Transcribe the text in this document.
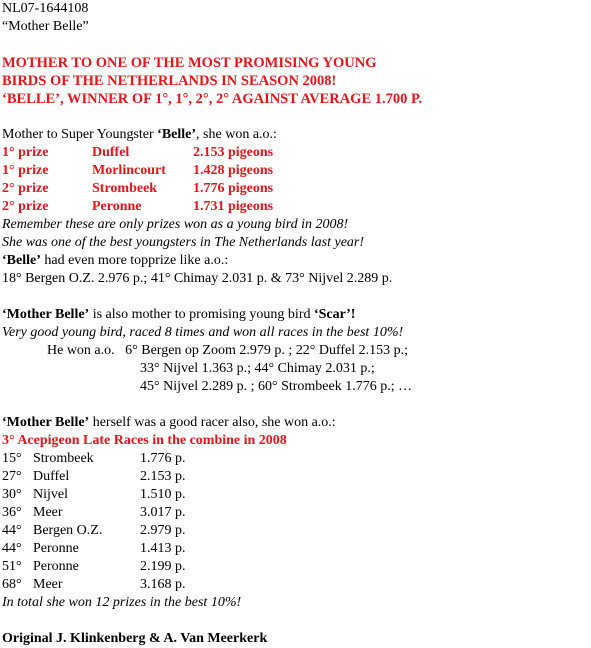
NL07-1644108
“Mother Belle”
MOTHER TO ONE OF THE MOST PROMISING YOUNG
BIRDS OF THE NETHERLANDS IN SEASON 2008!
‘BELLE’, WINNER OF 1°, 1°, 2°, 2° AGAINST AVERAGE 1.700 P.
Mother to Super Youngster ‘Belle’, she won a.o.:
1° prize	Duffel	2.153 pigeons
1° prize	Morlincourt	1.428 pigeons
2° prize	Strombeek	1.776 pigeons
2° prize	Peronne	1.731 pigeons
Remember these are only prizes won as a young bird in 2008!
She was one of the best youngsters in The Netherlands last year!
‘Belle’ had even more topprize like a.o.:
18° Bergen O.Z. 2.976 p.; 41° Chimay 2.031 p. & 73° Nijvel 2.289 p.
‘Mother Belle’ is also mother to promising young bird ‘Scar’!
Very good young bird, raced 8 times and won all races in the best 10%!
He won a.o. 6° Bergen op Zoom 2.979 p. ; 22° Duffel 2.153 p.;
33° Nijvel 1.363 p.; 44° Chimay 2.031 p.;
45° Nijvel 2.289 p. ; 60° Strombeek 1.776 p.; …
‘Mother Belle’ herself was a good racer also, she won a.o.:
3° Acepigeon Late Races in the combine in 2008
15° Strombeek	1.776 p.
27° Duffel	2.153 p.
30° Nijvel	1.510 p.
36° Meer	3.017 p.
44° Bergen O.Z.	2.979 p.
44° Peronne	1.413 p.
51° Peronne	2.199 p.
68° Meer	3.168 p.
In total she won 12 prizes in the best 10%!
Original J. Klinkenberg & A. Van Meerkerk
